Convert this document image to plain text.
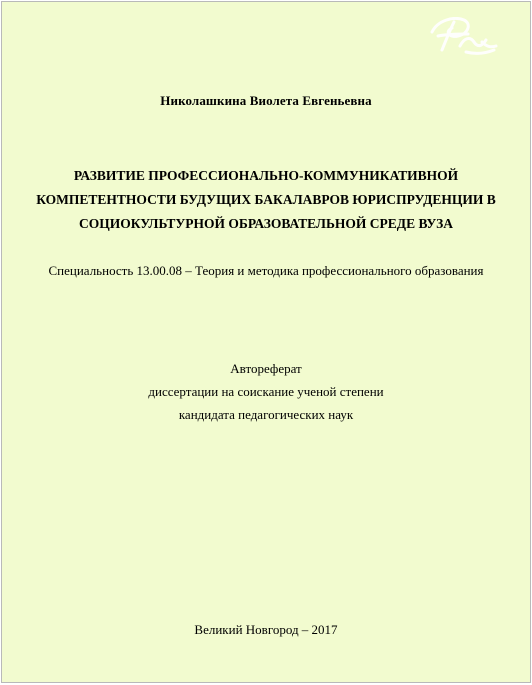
Николашкина Виолета Евгеньевна
РАЗВИТИЕ ПРОФЕССИОНАЛЬНО-КОММУНИКАТИВНОЙ
КОМПЕТЕНТНОСТИ БУДУЩИХ БАКАЛАВРОВ ЮРИСПРУДЕНЦИИ В
СОЦИОКУЛЬТУРНОЙ ОБРАЗОВАТЕЛЬНОЙ СРЕДЕ ВУЗА
Специальность 13.00.08 – Теория и методика профессионального образования
Автореферат
диссертации на соискание ученой степени
кандидата педагогических наук
Великий Новгород – 2017
